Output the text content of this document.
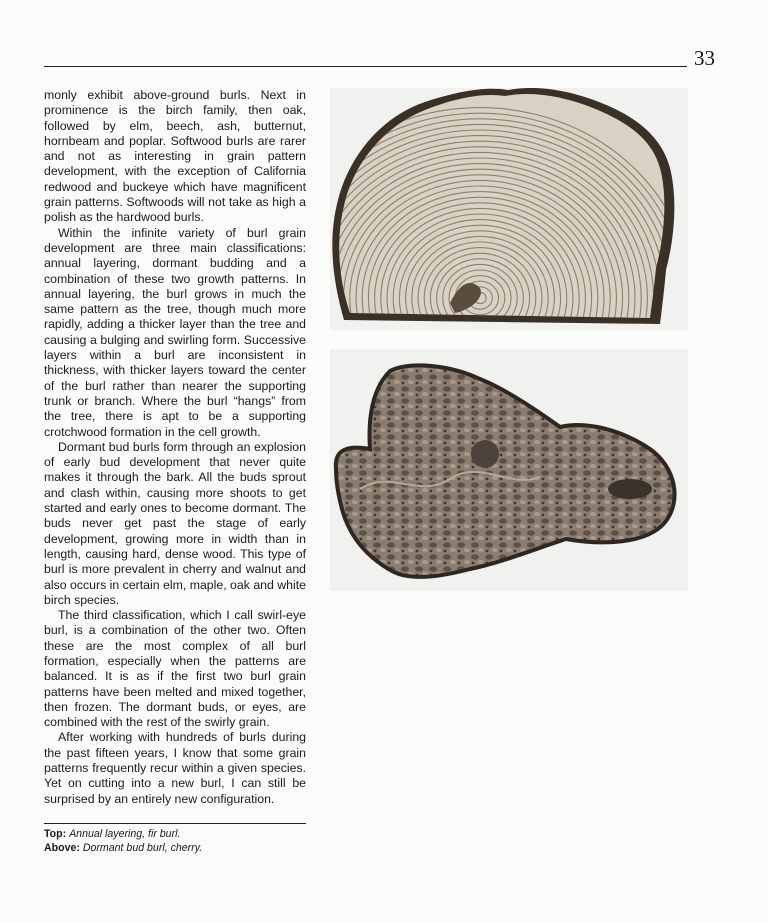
33

monly exhibit above-ground burls. Next in prominence is the birch family, then oak, followed by elm, beech, ash, butternut, hornbeam and poplar. Softwood burls are rarer and not as interesting in grain pattern development, with the exception of California redwood and buckeye which have magnificent grain patterns. Softwoods will not take as high a polish as the hardwood burls.

Within the infinite variety of burl grain development are three main classifications: annual layering, dormant budding and a combination of these two growth patterns. In annual layering, the burl grows in much the same pattern as the tree, though much more rapidly, adding a thicker layer than the tree and causing a bulging and swirling form. Successive layers within a burl are inconsistent in thickness, with thicker layers toward the center of the burl rather than nearer the supporting trunk or branch. Where the burl “hangs” from the tree, there is apt to be a supporting crotchwood formation in the cell growth.

Dormant bud burls form through an explosion of early bud development that never quite makes it through the bark. All the buds sprout and clash within, causing more shoots to get started and early ones to become dormant. The buds never get past the stage of early development, growing more in width than in length, causing hard, dense wood. This type of burl is more prevalent in cherry and walnut and also occurs in certain elm, maple, oak and white birch species.

The third classification, which I call swirl-eye burl, is a combination of the other two. Often these are the most complex of all burl formation, especially when the patterns are balanced. It is as if the first two burl grain patterns have been melted and mixed together, then frozen. The dormant buds, or eyes, are combined with the rest of the swirly grain.

After working with hundreds of burls during the past fifteen years, I know that some grain patterns frequently recur within a given species. Yet on cutting into a new burl, I can still be surprised by an entirely new configuration.

Top: Annual layering, fir burl.
Above: Dormant bud burl, cherry.
